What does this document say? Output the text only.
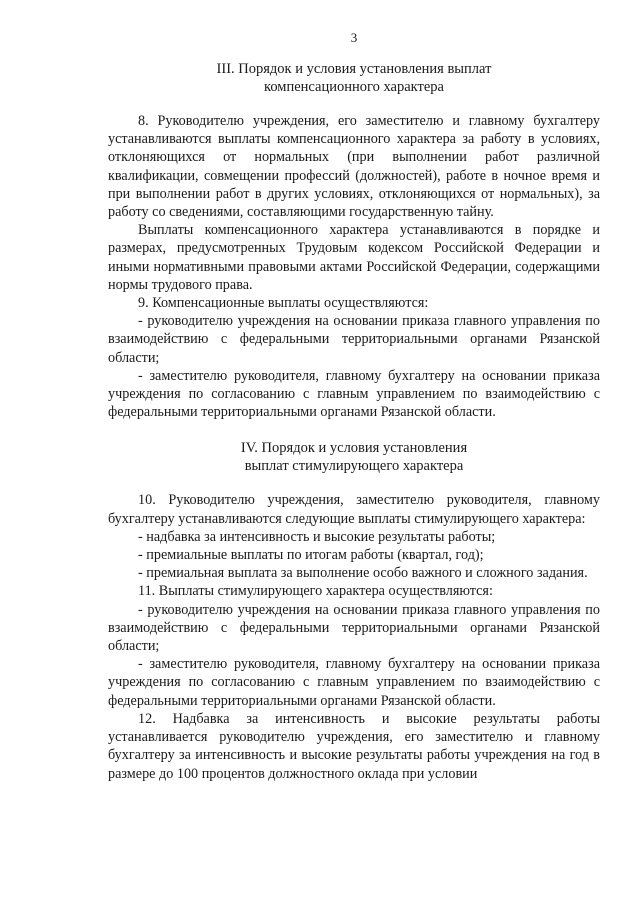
3
III. Порядок и условия установления выплат
компенсационного характера

8. Руководителю учреждения, его заместителю и главному бухгалтеру устанавливаются выплаты компенсационного характера за работу в условиях, отклоняющихся от нормальных (при выполнении работ различной квалификации, совмещении профессий (должностей), работе в ночное время и при выполнении работ в других условиях, отклоняющихся от нормальных), за работу со сведениями, составляющими государственную тайну.

Выплаты компенсационного характера устанавливаются в порядке и размерах, предусмотренных Трудовым кодексом Российской Федерации и иными нормативными правовыми актами Российской Федерации, содержащими нормы трудового права.

9. Компенсационные выплаты осуществляются:

- руководителю учреждения на основании приказа главного управления по взаимодействию с федеральными территориальными органами Рязанской области;

- заместителю руководителя, главному бухгалтеру на основании приказа учреждения по согласованию с главным управлением по взаимодействию с федеральными территориальными органами Рязанской области.

IV. Порядок и условия установления
выплат стимулирующего характера

10. Руководителю учреждения, заместителю руководителя, главному бухгалтеру устанавливаются следующие выплаты стимулирующего характера:

- надбавка за интенсивность и высокие результаты работы;

- премиальные выплаты по итогам работы (квартал, год);

- премиальная выплата за выполнение особо важного и сложного задания.

11. Выплаты стимулирующего характера осуществляются:

- руководителю учреждения на основании приказа главного управления по взаимодействию с федеральными территориальными органами Рязанской области;

- заместителю руководителя, главному бухгалтеру на основании приказа учреждения по согласованию с главным управлением по взаимодействию с федеральными территориальными органами Рязанской области.

12. Надбавка за интенсивность и высокие результаты работы устанавливается руководителю учреждения, его заместителю и главному бухгалтеру за интенсивность и высокие результаты работы учреждения на год в размере до 100 процентов должностного оклада при условии
